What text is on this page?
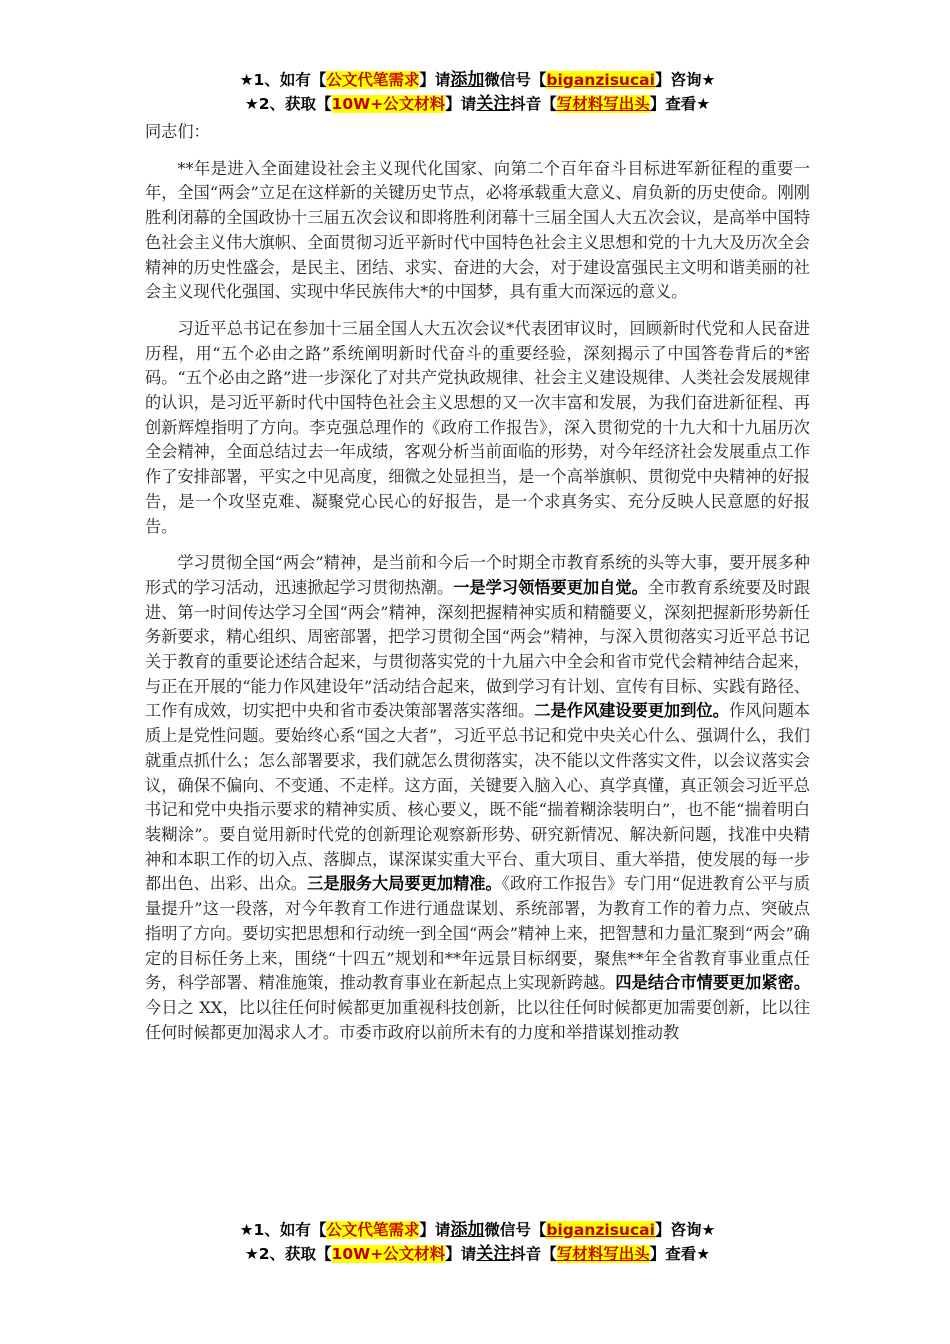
★1、如有【公文代笔需求】请添加微信号【biganzisucai】咨询★
★2、获取【10W+公文材料】请关注抖音【写材料写出头】查看★

同志们：

**年是进入全面建设社会主义现代化国家、向第二个百年奋斗目标进军新征程的重要一年，全国“两会”立足在这样新的关键历史节点，必将承载重大意义、肩负新的历史使命。刚刚胜利闭幕的全国政协十三届五次会议和即将胜利闭幕十三届全国人大五次会议，是高举中国特色社会主义伟大旗帜、全面贯彻习近平新时代中国特色社会主义思想和党的十九大及历次全会精神的历史性盛会，是民主、团结、求实、奋进的大会，对于建设富强民主文明和谐美丽的社会主义现代化强国、实现中华民族伟大*的中国梦，具有重大而深远的意义。

习近平总书记在参加十三届全国人大五次会议*代表团审议时，回顾新时代党和人民奋进历程，用“五个必由之路”系统阐明新时代奋斗的重要经验，深刻揭示了中国答卷背后的*密码。“五个必由之路”进一步深化了对共产党执政规律、社会主义建设规律、人类社会发展规律的认识，是习近平新时代中国特色社会主义思想的又一次丰富和发展，为我们奋进新征程、再创新辉煌指明了方向。李克强总理作的《政府工作报告》，深入贯彻党的十九大和十九届历次全会精神，全面总结过去一年成绩，客观分析当前面临的形势，对今年经济社会发展重点工作作了安排部署，平实之中见高度，细微之处显担当，是一个高举旗帜、贯彻党中央精神的好报告，是一个攻坚克难、凝聚党心民心的好报告，是一个求真务实、充分反映人民意愿的好报告。

学习贯彻全国“两会”精神，是当前和今后一个时期全市教育系统的头等大事，要开展多种形式的学习活动，迅速掀起学习贯彻热潮。一是学习领悟要更加自觉。全市教育系统要及时跟进、第一时间传达学习全国“两会”精神，深刻把握精神实质和精髓要义，深刻把握新形势新任务新要求，精心组织、周密部署，把学习贯彻全国“两会”精神，与深入贯彻落实习近平总书记关于教育的重要论述结合起来，与贯彻落实党的十九届六中全会和省市党代会精神结合起来，与正在开展的“能力作风建设年”活动结合起来，做到学习有计划、宣传有目标、实践有路径、工作有成效，切实把中央和省市委决策部署落实落细。二是作风建设要更加到位。作风问题本质上是党性问题。要始终心系“国之大者”，习近平总书记和党中央关心什么、强调什么，我们就重点抓什么；怎么部署要求，我们就怎么贯彻落实，决不能以文件落实文件，以会议落实会议，确保不偏向、不变通、不走样。这方面，关键要入脑入心、真学真懂，真正领会习近平总书记和党中央指示要求的精神实质、核心要义，既不能“揣着糊涂装明白”，也不能“揣着明白装糊涂”。要自觉用新时代党的创新理论观察新形势、研究新情况、解决新问题，找准中央精神和本职工作的切入点、落脚点，谋深谋实重大平台、重大项目、重大举措，使发展的每一步都出色、出彩、出众。三是服务大局要更加精准。《政府工作报告》专门用“促进教育公平与质量提升”这一段落，对今年教育工作进行通盘谋划、系统部署，为教育工作的着力点、突破点指明了方向。要切实把思想和行动统一到全国“两会”精神上来，把智慧和力量汇聚到“两会”确定的目标任务上来，围绕“十四五”规划和**年远景目标纲要，聚焦**年全省教育事业重点任务，科学部署、精准施策，推动教育事业在新起点上实现新跨越。四是结合市情要更加紧密。今日之 XX，比以往任何时候都更加重视科技创新，比以往任何时候都更加需要创新，比以往任何时候都更加渴求人才。市委市政府以前所未有的力度和举措谋划推动教

★1、如有【公文代笔需求】请添加微信号【biganzisucai】咨询★
★2、获取【10W+公文材料】请关注抖音【写材料写出头】查看★
